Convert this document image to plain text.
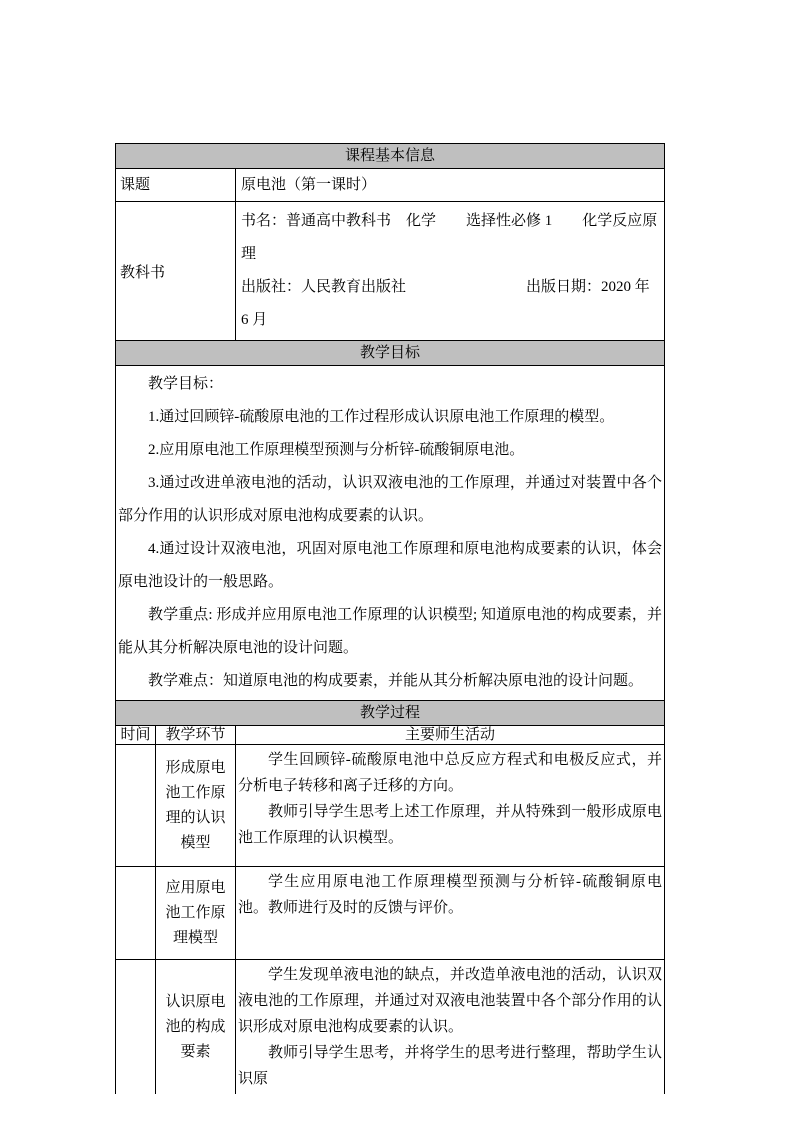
课程基本信息		
课题		原电池（第一课时）
教科书		书名：普通高中教科书　化学　　选择性必修 1　　化学反应原理

出版社：人民教育出版社　　　　　　　　出版日期：2020 年 6 月

教学目标		

教学目标：

1.通过回顾锌-硫酸原电池的工作过程形成认识原电池工作原理的模型。

2.应用原电池工作原理模型预测与分析锌-硫酸铜原电池。

3.通过改进单液电池的活动，认识双液电池的工作原理，并通过对装置中各个部分作用的认识形成对原电池构成要素的认识。

4.通过设计双液电池，巩固对原电池工作原理和原电池构成要素的认识，体会原电池设计的一般思路。

教学重点: 形成并应用原电池工作原理的认识模型; 知道原电池的构成要素，并能从其分析解决原电池的设计问题。

教学难点：知道原电池的构成要素，并能从其分析解决原电池的设计问题。

教学过程		
时间	教学环节	主要师生活动
	形成原电池工作原理的认识模型	学生回顾锌-硫酸原电池中总反应方程式和电极反应式，并分析电子转移和离子迁移的方向。

教师引导学生思考上述工作原理，并从特殊到一般形成原电池工作原理的认识模型。

	应用原电池工作原理模型	学生应用原电池工作原理模型预测与分析锌-硫酸铜原电池。教师进行及时的反馈与评价。

	认识原电池的构成要素	学生发现单液电池的缺点，并改造单液电池的活动，认识双液电池的工作原理，并通过对双液电池装置中各个部分作用的认识形成对原电池构成要素的认识。

教师引导学生思考，并将学生的思考进行整理，帮助学生认识原
